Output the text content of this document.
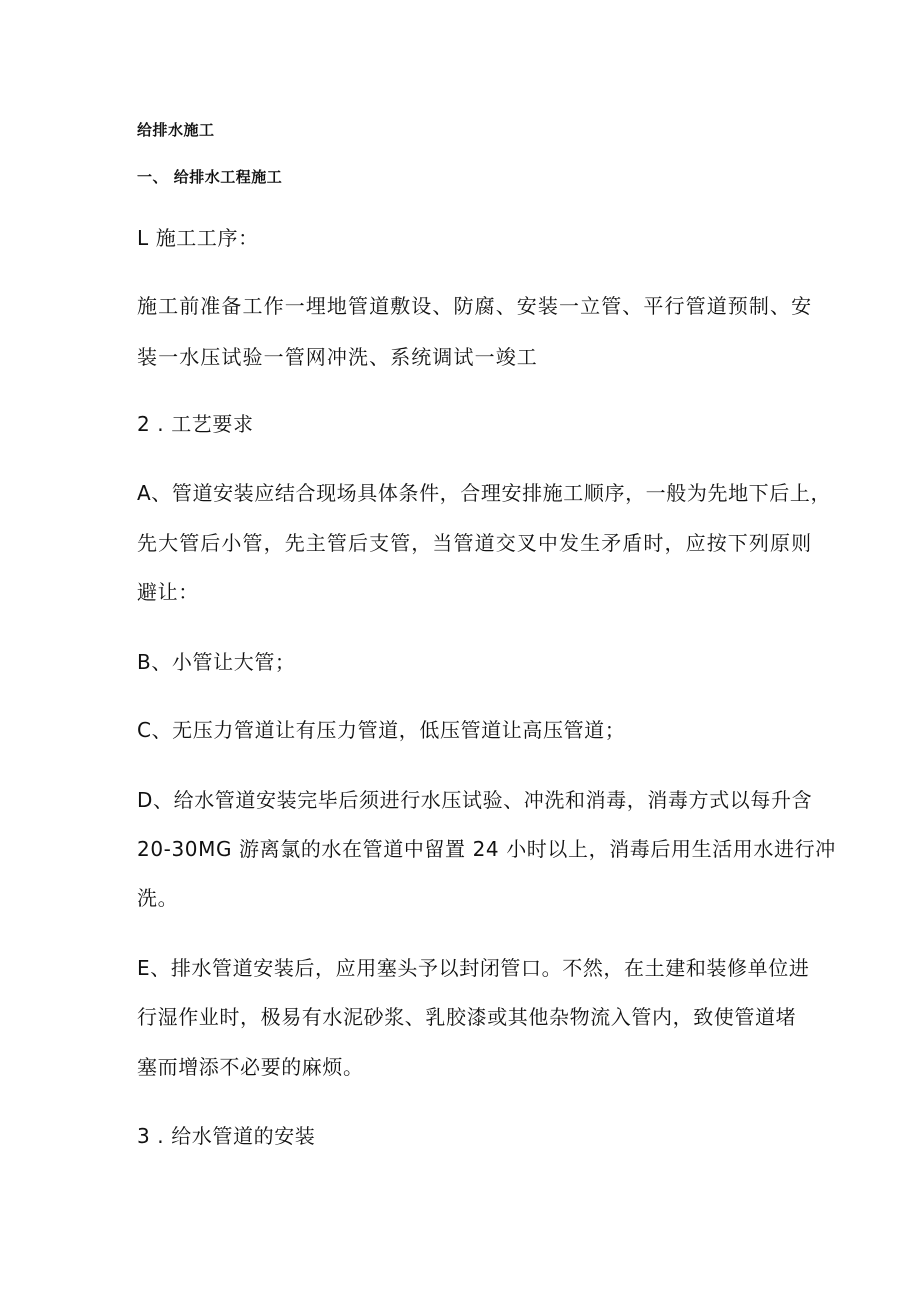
给排水施工
一、 给排水工程施工
L 施工工序：
施工前准备工作一埋地管道敷设、防腐、安装一立管、平行管道预制、安
装一水压试验一管网冲洗、系统调试一竣工
2 . 工艺要求
A、管道安装应结合现场具体条件，合理安排施工顺序，一般为先地下后上，
先大管后小管，先主管后支管，当管道交叉中发生矛盾时，应按下列原则
避让：
B、小管让大管；
C、无压力管道让有压力管道，低压管道让高压管道；
D、给水管道安装完毕后须进行水压试验、冲洗和消毒，消毒方式以每升含
20-30MG 游离氯的水在管道中留置 24 小时以上，消毒后用生活用水进行冲
洗。
E、排水管道安装后，应用塞头予以封闭管口。不然，在土建和装修单位进
行湿作业时，极易有水泥砂浆、乳胶漆或其他杂物流入管内，致使管道堵
塞而增添不必要的麻烦。
3 . 给水管道的安装
